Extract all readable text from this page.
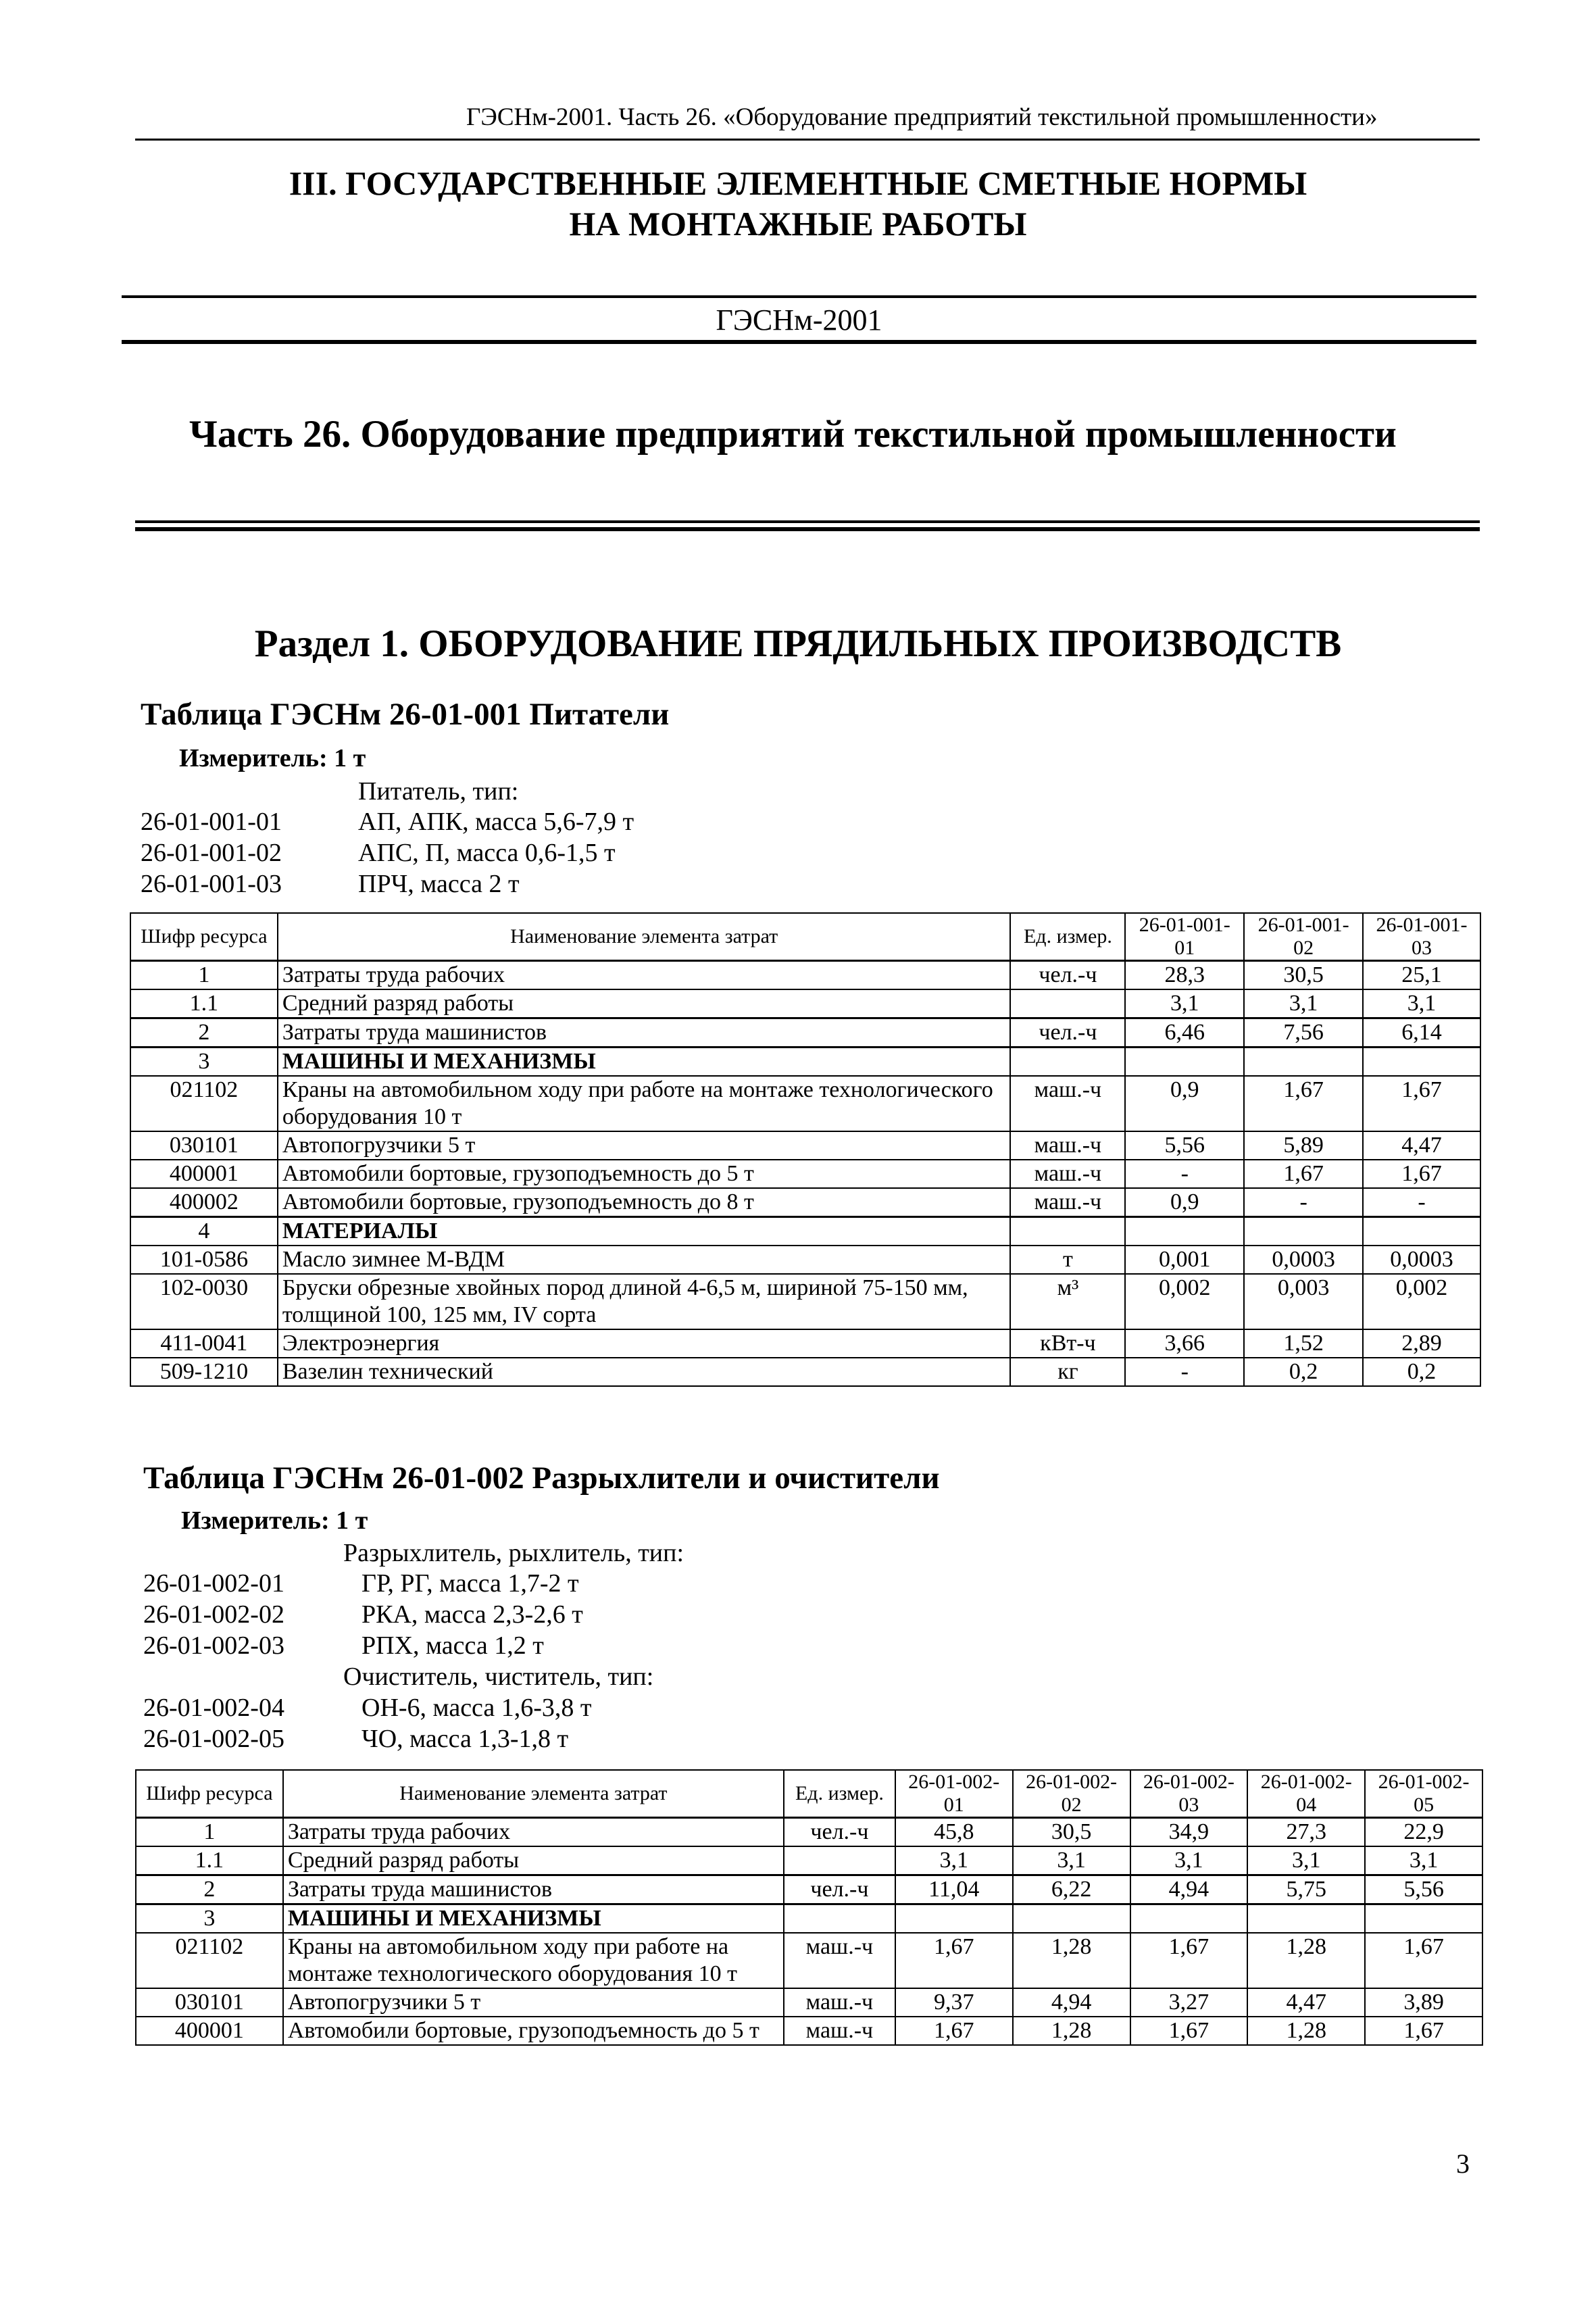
ГЭСНм-2001. Часть 26. «Оборудование предприятий текстильной промышленности»
III. ГОСУДАРСТВЕННЫЕ ЭЛЕМЕНТНЫЕ СМЕТНЫЕ НОРМЫ
НА МОНТАЖНЫЕ РАБОТЫ
ГЭСНм-2001
Часть 26. Оборудование предприятий текстильной промышленности
Раздел 1. ОБОРУДОВАНИЕ ПРЯДИЛЬНЫХ ПРОИЗВОДСТВ
Таблица ГЭСНм 26-01-001 Питатели
Измеритель: 1 т
Питатель, тип:
26-01-001-01	АП, АПК, масса 5,6-7,9 т
26-01-001-02	АПС, П, масса 0,6-1,5 т
26-01-001-03	ПРЧ, масса 2 т
Шифр ресурса	Наименование элемента затрат	Ед. измер.	26-01-001-01	26-01-001-02	26-01-001-03
1	Затраты труда рабочих	чел.-ч	28,3	30,5	25,1
1.1	Средний разряд работы		3,1	3,1	3,1
2	Затраты труда машинистов	чел.-ч	6,46	7,56	6,14
3	МАШИНЫ И МЕХАНИЗМЫ				
021102	Краны на автомобильном ходу при работе на монтаже технологического оборудования 10 т	маш.-ч	0,9	1,67	1,67
030101	Автопогрузчики 5 т	маш.-ч	5,56	5,89	4,47
400001	Автомобили бортовые, грузоподъемность до 5 т	маш.-ч	-	1,67	1,67
400002	Автомобили бортовые, грузоподъемность до 8 т	маш.-ч	0,9	-	-
4	МАТЕРИАЛЫ				
101-0586	Масло зимнее М-ВДМ	т	0,001	0,0003	0,0003
102-0030	Бруски обрезные хвойных пород длиной 4-6,5 м, шириной 75-150 мм, толщиной 100, 125 мм, IV сорта	м³	0,002	0,003	0,002
411-0041	Электроэнергия	кВт-ч	3,66	1,52	2,89
509-1210	Вазелин технический	кг	-	0,2	0,2
Таблица ГЭСНм 26-01-002 Разрыхлители и очистители
Измеритель: 1 т
Разрыхлитель, рыхлитель, тип:
26-01-002-01	ГР, РГ, масса 1,7-2 т
26-01-002-02	РКА, масса 2,3-2,6 т
26-01-002-03	РПХ, масса 1,2 т
Очиститель, чиститель, тип:
26-01-002-04	ОН-6, масса 1,6-3,8 т
26-01-002-05	ЧО, масса 1,3-1,8 т
Шифр ресурса	Наименование элемента затрат	Ед. измер.	26-01-002-01	26-01-002-02	26-01-002-03	26-01-002-04	26-01-002-05
1	Затраты труда рабочих	чел.-ч	45,8	30,5	34,9	27,3	22,9
1.1	Средний разряд работы		3,1	3,1	3,1	3,1	3,1
2	Затраты труда машинистов	чел.-ч	11,04	6,22	4,94	5,75	5,56
3	МАШИНЫ И МЕХАНИЗМЫ						
021102	Краны на автомобильном ходу при работе на монтаже технологического оборудования 10 т	маш.-ч	1,67	1,28	1,67	1,28	1,67
030101	Автопогрузчики 5 т	маш.-ч	9,37	4,94	3,27	4,47	3,89
400001	Автомобили бортовые, грузоподъемность до 5 т	маш.-ч	1,67	1,28	1,67	1,28	1,67
3
